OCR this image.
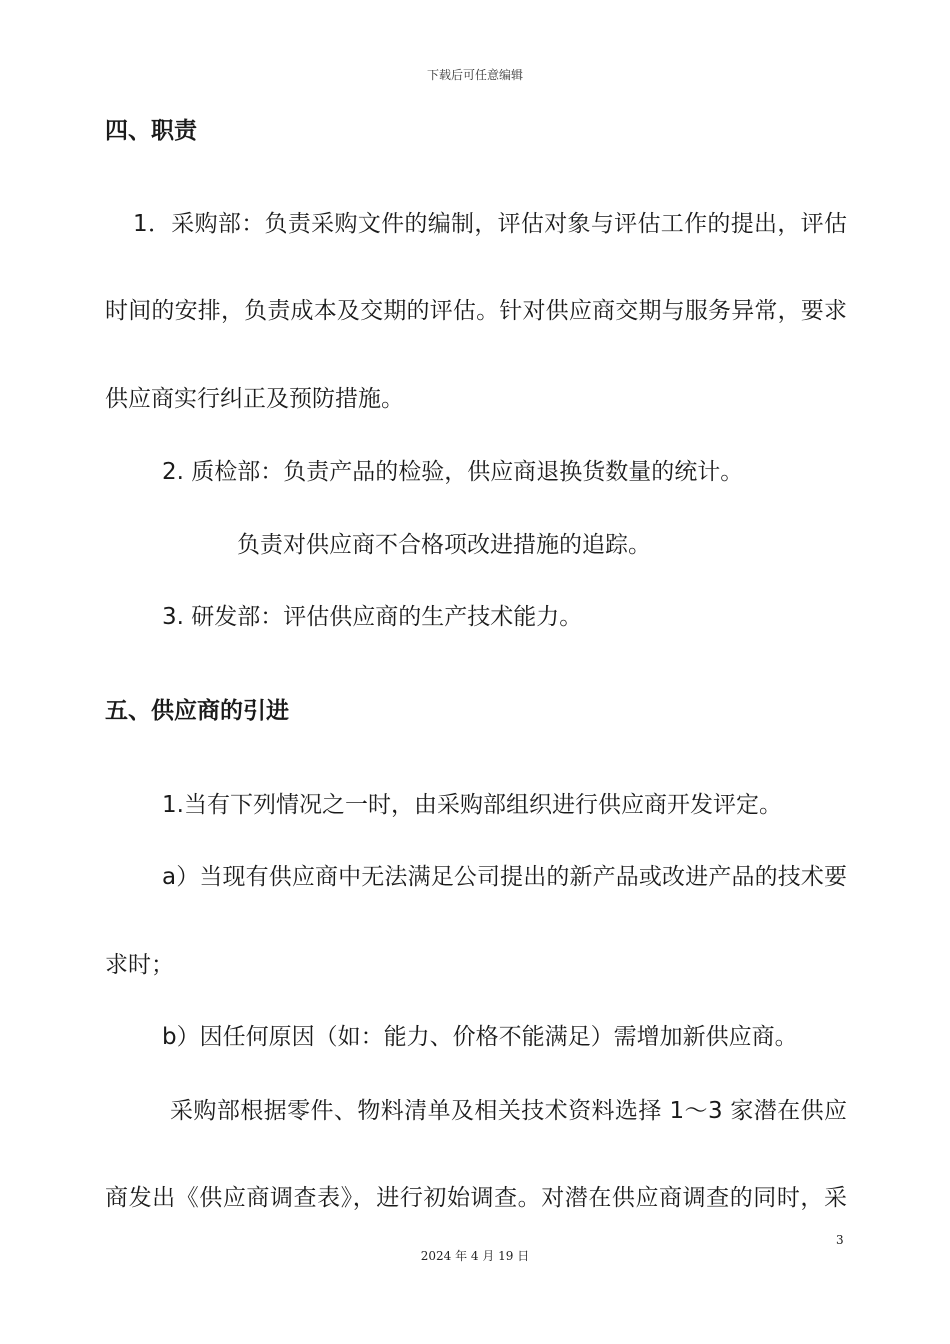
下载后可任意编辑
四、职责
1．采购部：负责采购文件的编制，评估对象与评估工作的提出，评估
时间的安排，负责成本及交期的评估。针对供应商交期与服务异常，要求
供应商实行纠正及预防措施。
2. 质检部：负责产品的检验，供应商退换货数量的统计。
负责对供应商不合格项改进措施的追踪。
3. 研发部：评估供应商的生产技术能力。
五、供应商的引进
1.当有下列情况之一时，由采购部组织进行供应商开发评定。
a）当现有供应商中无法满足公司提出的新产品或改进产品的技术要
求时；
b）因任何原因（如：能力、价格不能满足）需增加新供应商。
采购部根据零件、物料清单及相关技术资料选择 1～3 家潜在供应
商发出《供应商调查表》，进行初始调查。对潜在供应商调查的同时，采
3
2024 年 4 月 19 日
